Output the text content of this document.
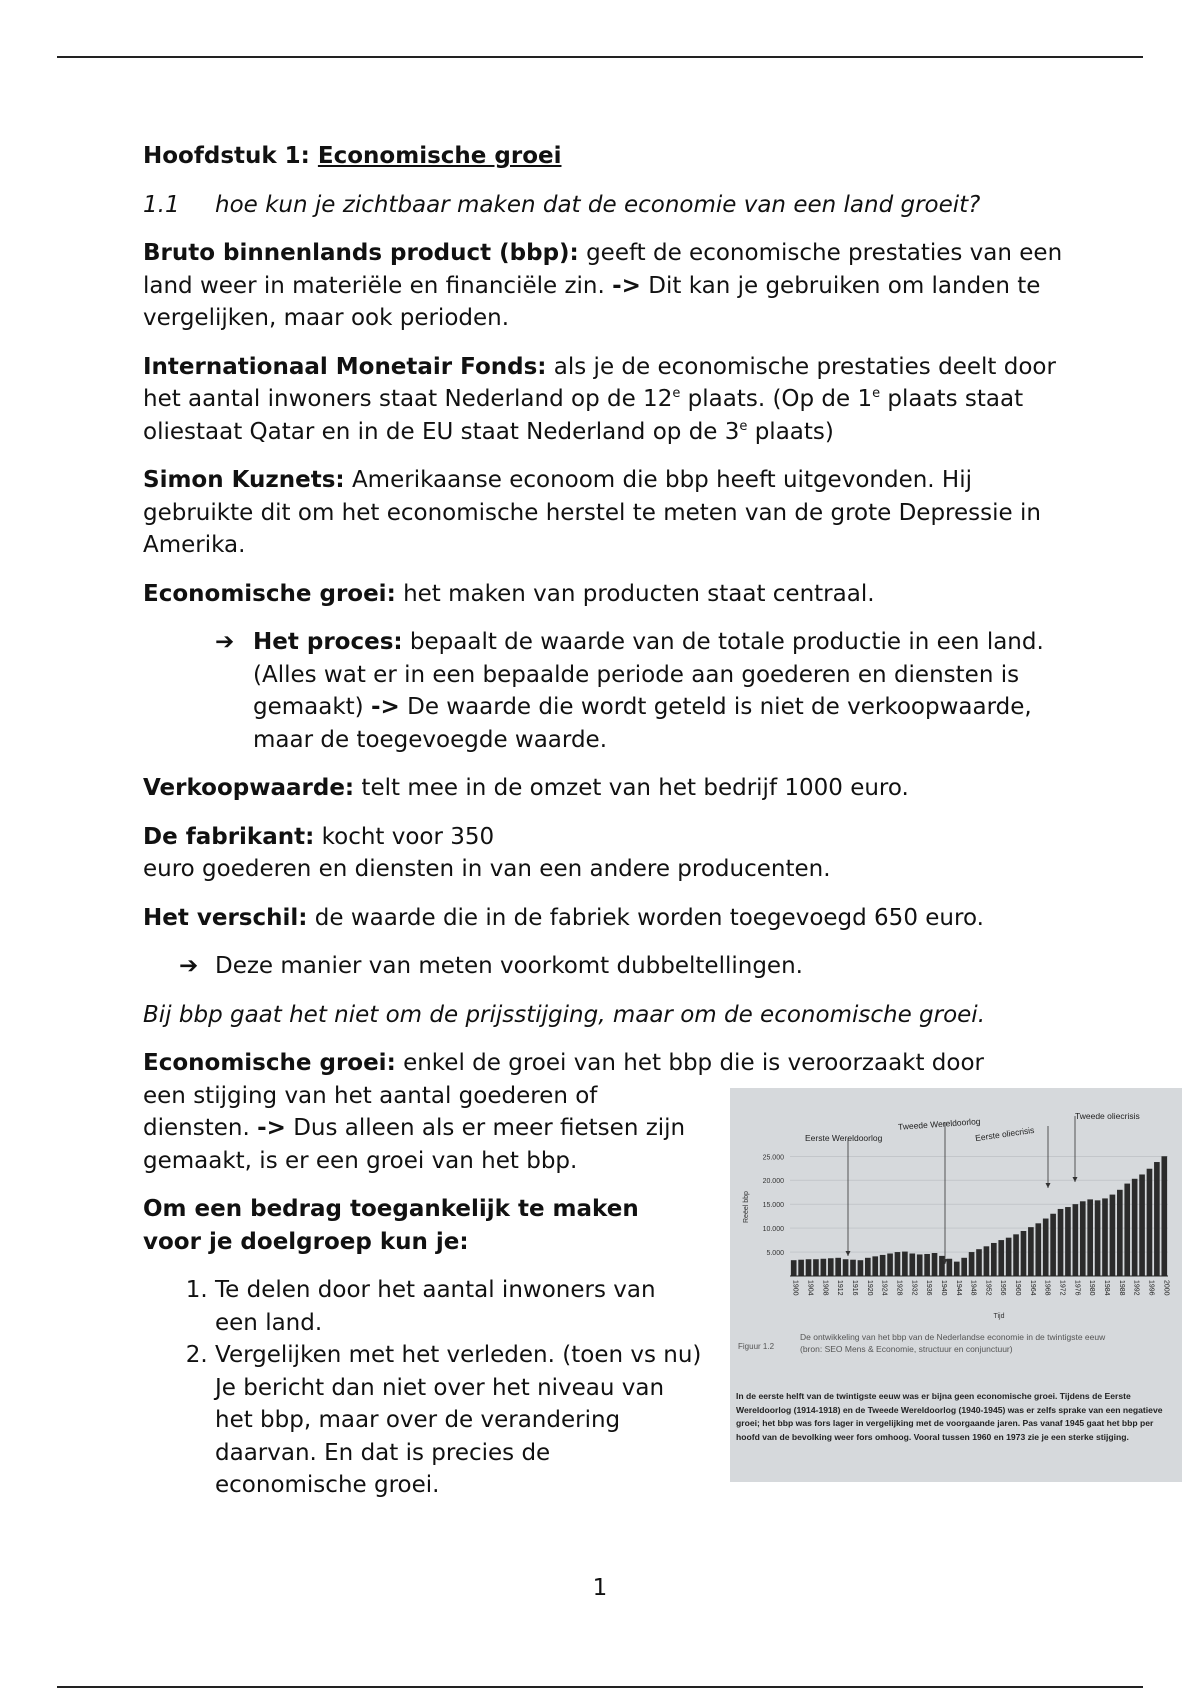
Hoofdstuk 1: Economische groei

1.1 hoe kun je zichtbaar maken dat de economie van een land groeit?

Bruto binnenlands product (bbp): geeft de economische prestaties van een land weer in materiële en financiële zin. -> Dit kan je gebruiken om landen te vergelijken, maar ook perioden.

Internationaal Monetair Fonds: als je de economische prestaties deelt door het aantal inwoners staat Nederland op de 12e plaats. (Op de 1e plaats staat oliestaat Qatar en in de EU staat Nederland op de 3e plaats)

Simon Kuznets: Amerikaanse econoom die bbp heeft uitgevonden. Hij gebruikte dit om het economische herstel te meten van de grote Depressie in Amerika.

Economische groei: het maken van producten staat centraal.

➔ Het proces: bepaalt de waarde van de totale productie in een land. (Alles wat er in een bepaalde periode aan goederen en diensten is gemaakt) -> De waarde die wordt geteld is niet de verkoopwaarde, maar de toegevoegde waarde.

Verkoopwaarde: telt mee in de omzet van het bedrijf 1000 euro.

De fabrikant: kocht voor 350
euro goederen en diensten in van een andere producenten.

Het verschil: de waarde die in de fabriek worden toegevoegd 650 euro.

➔ Deze manier van meten voorkomt dubbeltellingen.

Bij bbp gaat het niet om de prijsstijging, maar om de economische groei.

Economische groei: enkel de groei van het bbp die is veroorzaakt door

een stijging van het aantal goederen of diensten. -> Dus alleen als er meer fietsen zijn gemaakt, is er een groei van het bbp.

Om een bedrag toegankelijk te maken voor je doelgroep kun je:

1. Te delen door het aantal inwoners van een land.
2. Vergelijken met het verleden. (toen vs nu) Je bericht dan niet over het niveau van het bbp, maar over de verandering daarvan. En dat is precies de economische groei.
25.000
20.000
15.000
10.000
5.000
Reëel bbp
1900 1904 1908 1912 1916 1920 1924 1928 1932 1936 1940 1944 1948 1952 1956 1960 1964 1968 1972 1976 1980 1984 1988 1992 1996 2000
Tijd
Eerste Wereldoorlog
Tweede Wereldoorlog
Eerste oliecrisis
Tweede oliecrisis
Figuur 1.2
De ontwikkeling van het bbp van de Nederlandse economie in de twintigste eeuw (bron: SEO Mens & Economie, structuur en conjunctuur)
In de eerste helft van de twintigste eeuw was er bijna geen economische groei. Tijdens de Eerste Wereldoorlog (1914-1918) en de Tweede Wereldoorlog (1940-1945) was er zelfs sprake van een negatieve groei; het bbp was fors lager in vergelijking met de voorgaande jaren. Pas vanaf 1945 gaat het bbp per hoofd van de bevolking weer fors omhoog. Vooral tussen 1960 en 1973 zie je een sterke stijging.
1
